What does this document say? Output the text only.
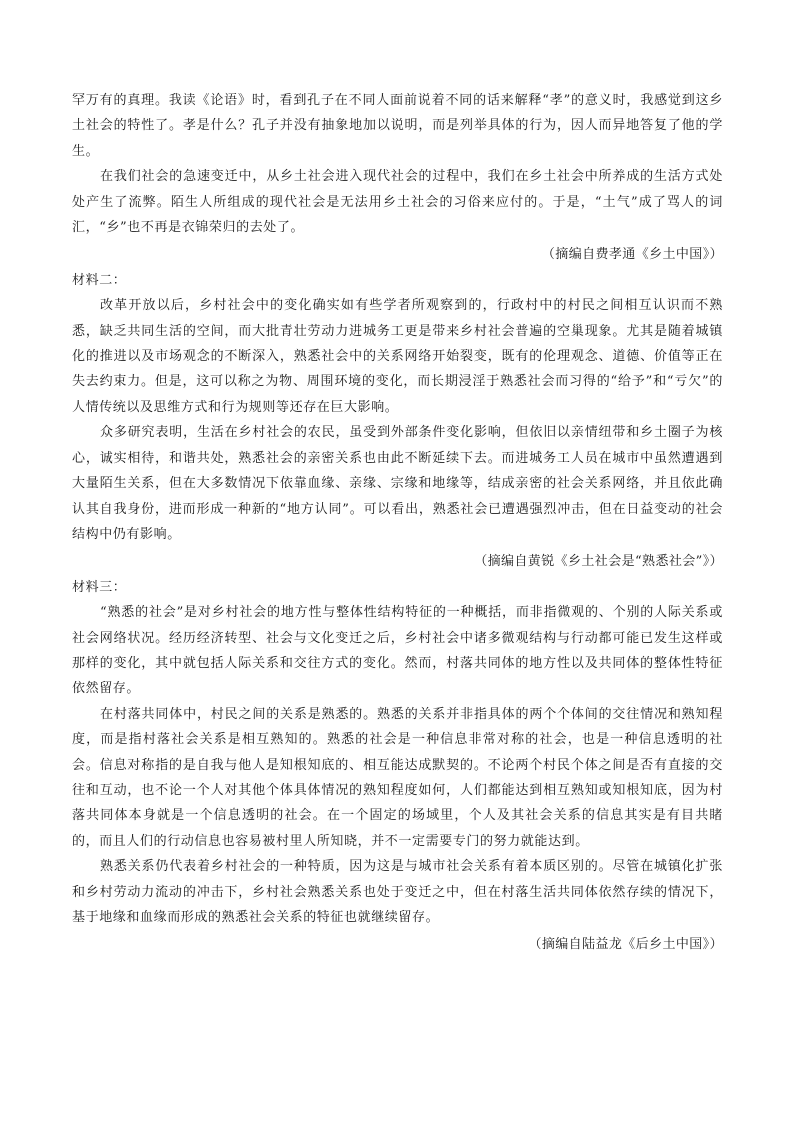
罕万有的真理。我读《论语》时，看到孔子在不同人面前说着不同的话来解释“孝”的意义时，我感觉到这乡土社会的特性了。孝是什么？孔子并没有抽象地加以说明，而是列举具体的行为，因人而异地答复了他的学生。

在我们社会的急速变迁中，从乡土社会进入现代社会的过程中，我们在乡土社会中所养成的生活方式处处产生了流弊。陌生人所组成的现代社会是无法用乡土社会的习俗来应付的。于是，“土气”成了骂人的词汇，“乡”也不再是衣锦荣归的去处了。

（摘编自费孝通《乡土中国》）

材料二：

改革开放以后，乡村社会中的变化确实如有些学者所观察到的，行政村中的村民之间相互认识而不熟悉，缺乏共同生活的空间，而大批青壮劳动力进城务工更是带来乡村社会普遍的空巢现象。尤其是随着城镇化的推进以及市场观念的不断深入，熟悉社会中的关系网络开始裂变，既有的伦理观念、道德、价值等正在失去约束力。但是，这可以称之为物、周围环境的变化，而长期浸淫于熟悉社会而习得的“给予”和“亏欠”的人情传统以及思维方式和行为规则等还存在巨大影响。

众多研究表明，生活在乡村社会的农民，虽受到外部条件变化影响，但依旧以亲情纽带和乡土圈子为核心，诚实相待，和谐共处，熟悉社会的亲密关系也由此不断延续下去。而进城务工人员在城市中虽然遭遇到大量陌生关系，但在大多数情况下依靠血缘、亲缘、宗缘和地缘等，结成亲密的社会关系网络，并且依此确认其自我身份，进而形成一种新的“地方认同”。可以看出，熟悉社会已遭遇强烈冲击，但在日益变动的社会结构中仍有影响。

（摘编自黄锐《乡土社会是“熟悉社会”》）

材料三：

“熟悉的社会”是对乡村社会的地方性与整体性结构特征的一种概括，而非指微观的、个别的人际关系或社会网络状况。经历经济转型、社会与文化变迁之后，乡村社会中诸多微观结构与行动都可能已发生这样或那样的变化，其中就包括人际关系和交往方式的变化。然而，村落共同体的地方性以及共同体的整体性特征依然留存。

在村落共同体中，村民之间的关系是熟悉的。熟悉的关系并非指具体的两个个体间的交往情况和熟知程度，而是指村落社会关系是相互熟知的。熟悉的社会是一种信息非常对称的社会，也是一种信息透明的社会。信息对称指的是自我与他人是知根知底的、相互能达成默契的。不论两个村民个体之间是否有直接的交往和互动，也不论一个人对其他个体具体情况的熟知程度如何，人们都能达到相互熟知或知根知底，因为村落共同体本身就是一个信息透明的社会。在一个固定的场域里，个人及其社会关系的信息其实是有目共睹的，而且人们的行动信息也容易被村里人所知晓，并不一定需要专门的努力就能达到。

熟悉关系仍代表着乡村社会的一种特质，因为这是与城市社会关系有着本质区别的。尽管在城镇化扩张和乡村劳动力流动的冲击下，乡村社会熟悉关系也处于变迁之中，但在村落生活共同体依然存续的情况下，基于地缘和血缘而形成的熟悉社会关系的特征也就继续留存。

（摘编自陆益龙《后乡土中国》）
